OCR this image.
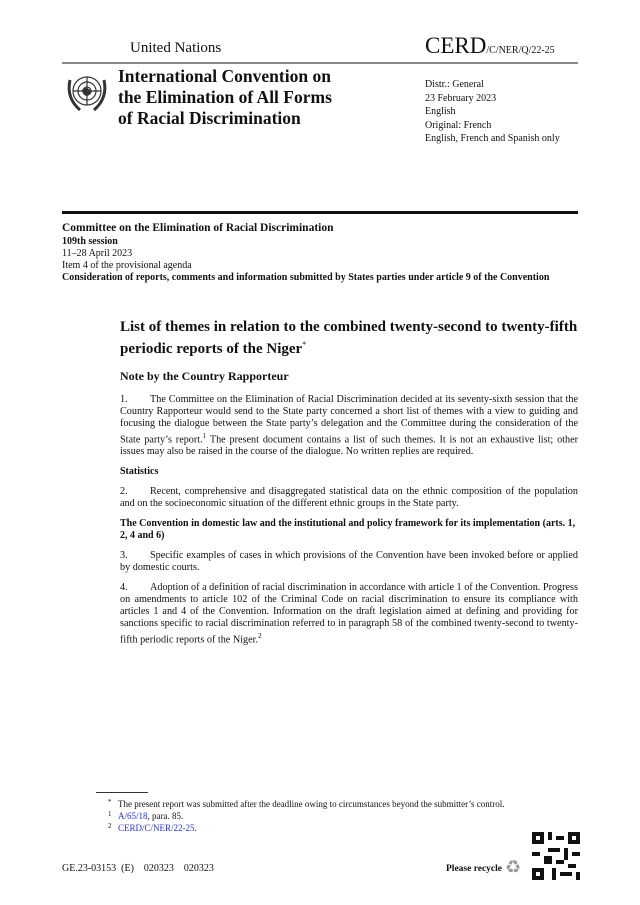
United Nations	CERD/C/NER/Q/22-25
International Convention on
the Elimination of All Forms
of Racial Discrimination
Distr.: General
23 February 2023
English
Original: French
English, French and Spanish only
Committee on the Elimination of Racial Discrimination
109th session
11–28 April 2023
Item 4 of the provisional agenda
Consideration of reports, comments and information submitted by States parties under article 9 of the Convention
List of themes in relation to the combined twenty-second to twenty-fifth periodic reports of the Niger*
Note by the Country Rapporteur

1. The Committee on the Elimination of Racial Discrimination decided at its seventy-sixth session that the Country Rapporteur would send to the State party concerned a short list of themes with a view to guiding and focusing the dialogue between the State party’s delegation and the Committee during the consideration of the State party’s report.$^1$ The present document contains a list of such themes. It is not an exhaustive list; other issues may also be raised in the course of the dialogue. No written replies are required.

Statistics

2. Recent, comprehensive and disaggregated statistical data on the ethnic composition of the population and on the socioeconomic situation of the different ethnic groups in the State party.

The Convention in domestic law and the institutional and policy framework for its implementation (arts. 1, 2, 4 and 6)

3. Specific examples of cases in which provisions of the Convention have been invoked before or applied by domestic courts.

4. Adoption of a definition of racial discrimination in accordance with article 1 of the Convention. Progress on amendments to article 102 of the Criminal Code on racial discrimination to ensure its compliance with articles 1 and 4 of the Convention. Information on the draft legislation aimed at defining and providing for sanctions specific to racial discrimination referred to in paragraph 58 of the combined twenty-second to twenty-fifth periodic reports of the Niger.$^2$

* The present report was submitted after the deadline owing to circumstances beyond the submitter’s control.
1 A/65/18, para. 85.
2 CERD/C/NER/22-25.
GE.23-03153  (E)    020323    020323	Please recycle ♻
